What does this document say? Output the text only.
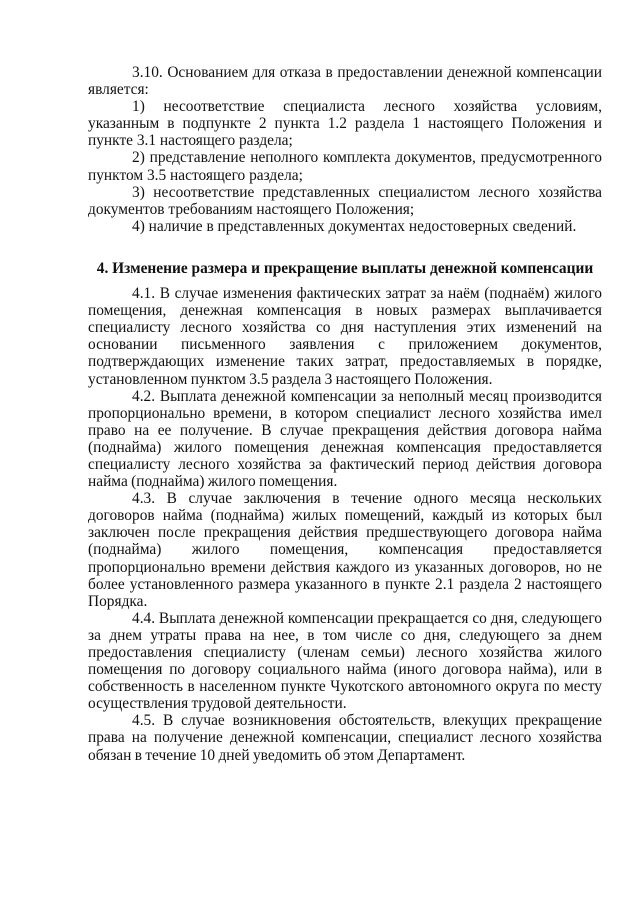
3.10. Основанием для отказа в предоставлении денежной компенсации является:

1) несоответствие специалиста лесного хозяйства условиям, указанным в подпункте 2 пункта 1.2 раздела 1 настоящего Положения и пункте 3.1 настоящего раздела;

2) представление неполного комплекта документов, предусмотренного пунктом 3.5 настоящего раздела;

3) несоответствие представленных специалистом лесного хозяйства документов требованиям настоящего Положения;

4) наличие в представленных документах недостоверных сведений.

4. Изменение размера и прекращение выплаты денежной компенсации

4.1. В случае изменения фактических затрат за наём (поднаём) жилого помещения, денежная компенсация в новых размерах выплачивается специалисту лесного хозяйства со дня наступления этих изменений на основании письменного заявления с приложением документов, подтверждающих изменение таких затрат, предоставляемых в порядке, установленном пунктом 3.5 раздела 3 настоящего Положения.

4.2. Выплата денежной компенсации за неполный месяц производится пропорционально времени, в котором специалист лесного хозяйства имел право на ее получение. В случае прекращения действия договора найма (поднайма) жилого помещения денежная компенсация предоставляется специалисту лесного хозяйства за фактический период действия договора найма (поднайма) жилого помещения.

4.3. В случае заключения в течение одного месяца нескольких договоров найма (поднайма) жилых помещений, каждый из которых был заключен после прекращения действия предшествующего договора найма (поднайма) жилого помещения, компенсация предоставляется пропорционально времени действия каждого из указанных договоров, но не более установленного размера указанного в пункте 2.1 раздела 2 настоящего Порядка.

4.4. Выплата денежной компенсации прекращается со дня, следующего за днем утраты права на нее, в том числе со дня, следующего за днем предоставления специалисту (членам семьи) лесного хозяйства жилого помещения по договору социального найма (иного договора найма), или в собственность в населенном пункте Чукотского автономного округа по месту осуществления трудовой деятельности.

4.5. В случае возникновения обстоятельств, влекущих прекращение права на получение денежной компенсации, специалист лесного хозяйства обязан в течение 10 дней уведомить об этом Департамент.
